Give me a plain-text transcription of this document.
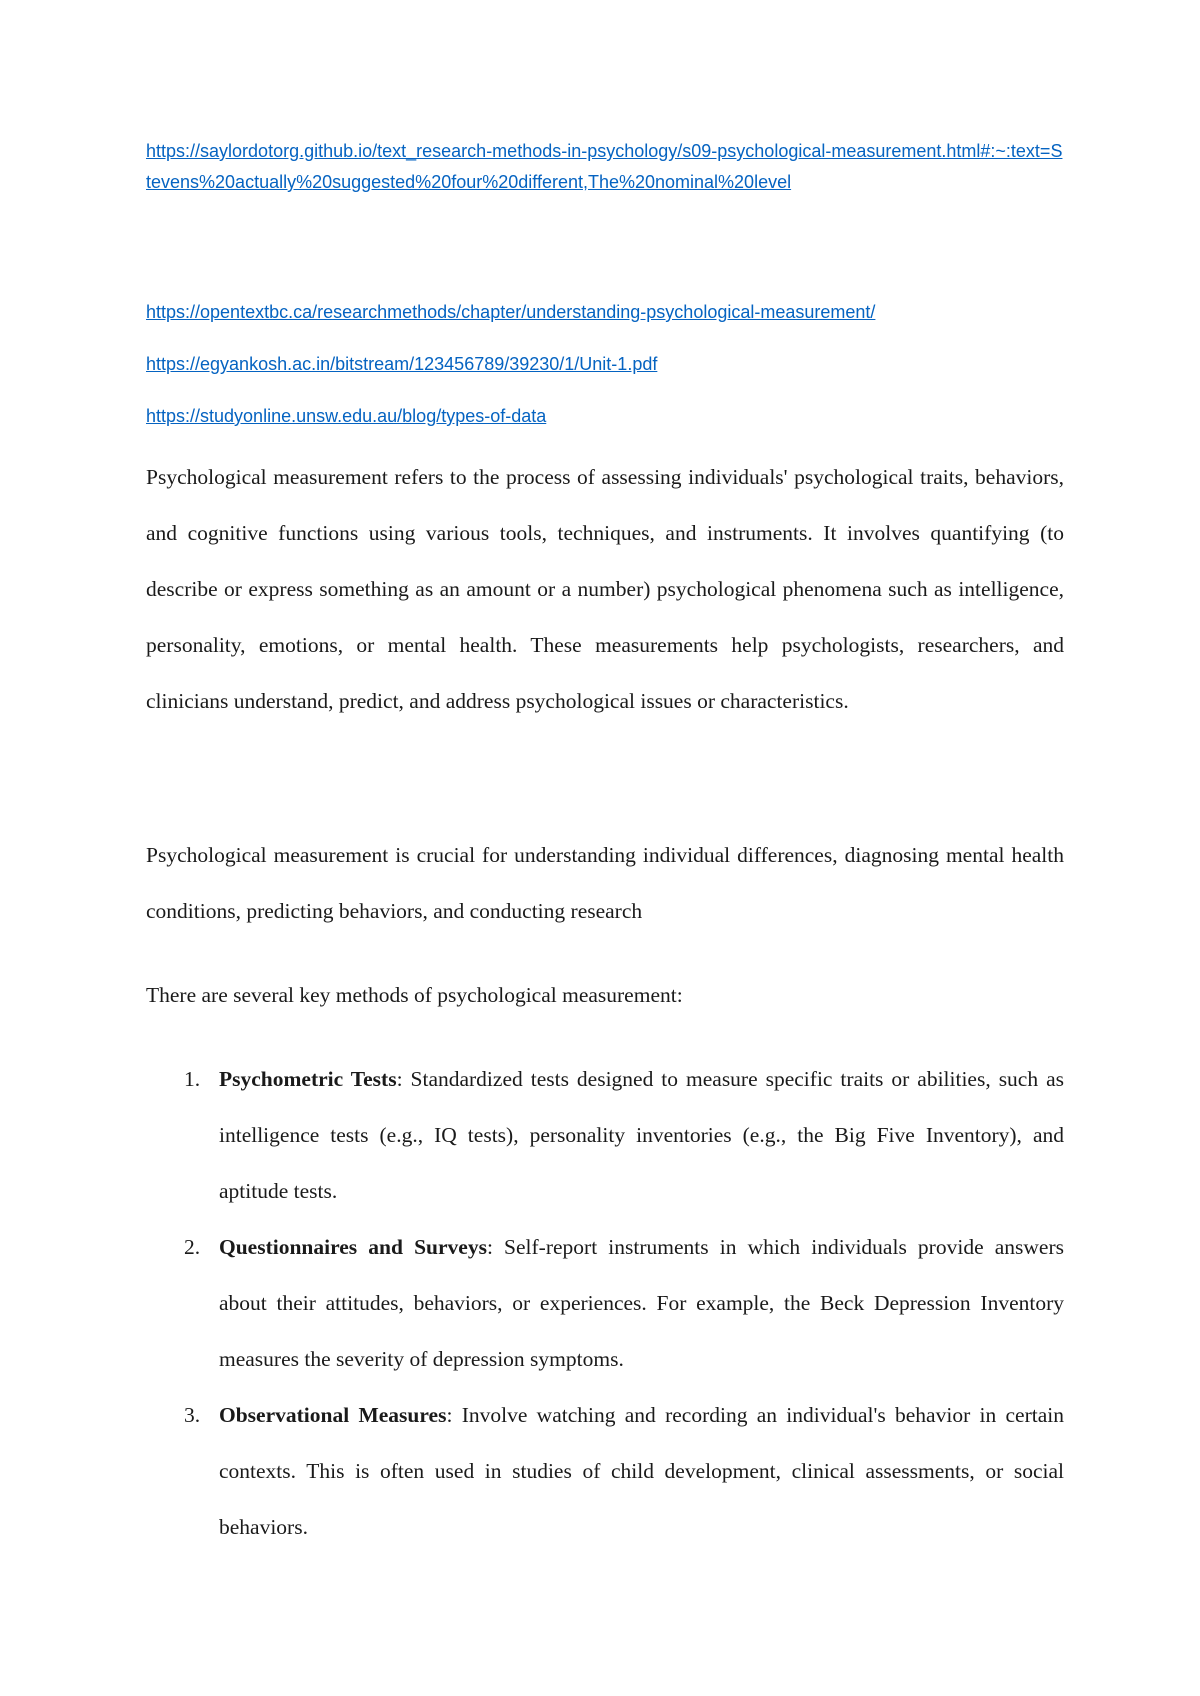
https://saylordotorg.github.io/text_research-methods-in-psychology/s09-psychological-measurement.html#:~:text=Stevens%20actually%20suggested%20four%20different,The%20nominal%20level
https://opentextbc.ca/researchmethods/chapter/understanding-psychological-measurement/
https://egyankosh.ac.in/bitstream/123456789/39230/1/Unit-1.pdf
https://studyonline.unsw.edu.au/blog/types-of-data

Psychological measurement refers to the process of assessing individuals' psychological traits, behaviors, and cognitive functions using various tools, techniques, and instruments. It involves quantifying (to describe or express something as an amount or a number) psychological phenomena such as intelligence, personality, emotions, or mental health. These measurements help psychologists, researchers, and clinicians understand, predict, and address psychological issues or characteristics.

Psychological measurement is crucial for understanding individual differences, diagnosing mental health conditions, predicting behaviors, and conducting research

There are several key methods of psychological measurement:

1. Psychometric Tests: Standardized tests designed to measure specific traits or abilities, such as intelligence tests (e.g., IQ tests), personality inventories (e.g., the Big Five Inventory), and aptitude tests.
2. Questionnaires and Surveys: Self-report instruments in which individuals provide answers about their attitudes, behaviors, or experiences. For example, the Beck Depression Inventory measures the severity of depression symptoms.
3. Observational Measures: Involve watching and recording an individual's behavior in certain contexts. This is often used in studies of child development, clinical assessments, or social behaviors.
